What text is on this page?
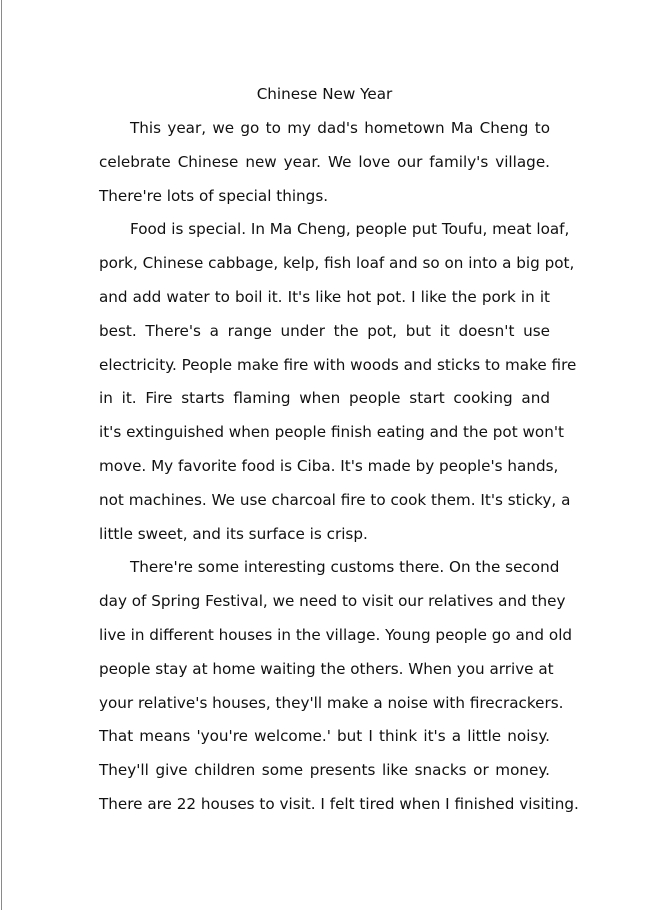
Chinese New Year

This year, we go to my dad's hometown Ma Cheng to
celebrate Chinese new year. We love our family's village.
There're lots of special things.

Food is special. In Ma Cheng, people put Toufu, meat loaf,
pork, Chinese cabbage, kelp, fish loaf and so on into a big pot,
and add water to boil it. It's like hot pot. I like the pork in it
best. There's a range under the pot, but it doesn't use
electricity. People make fire with woods and sticks to make fire
in it. Fire starts flaming when people start cooking and
it's extinguished when people finish eating and the pot won't
move. My favorite food is Ciba. It's made by people's hands,
not machines. We use charcoal fire to cook them. It's sticky, a
little sweet, and its surface is crisp.

There're some interesting customs there. On the second
day of Spring Festival, we need to visit our relatives and they
live in different houses in the village. Young people go and old
people stay at home waiting the others. When you arrive at
your relative's houses, they'll make a noise with firecrackers.
That means 'you're welcome.' but I think it's a little noisy.
They'll give children some presents like snacks or money.
There are 22 houses to visit. I felt tired when I finished visiting.
